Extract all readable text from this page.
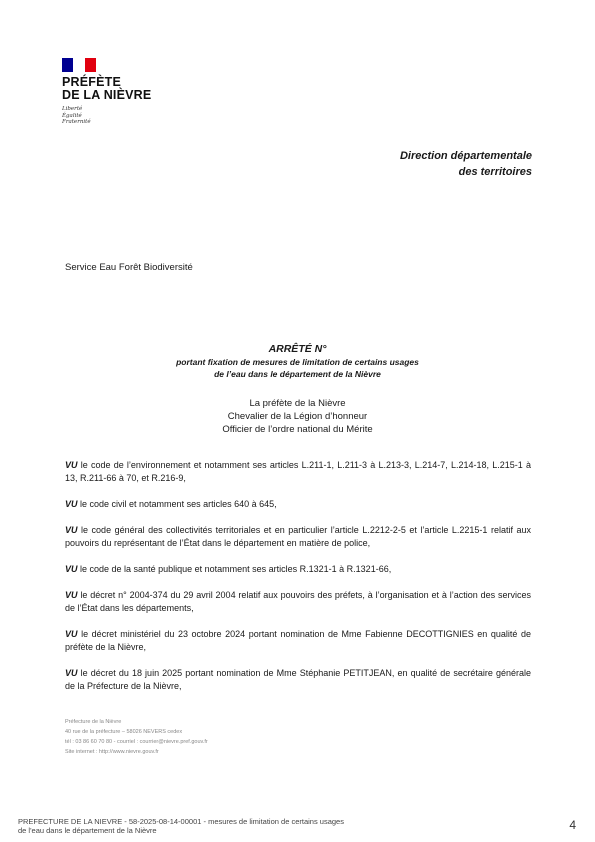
PRÉFÈTE
DE LA NIÈVRE
Liberté
Égalité
Fraternité
Direction départementale
des territoires
Service Eau Forêt Biodiversité
ARRÊTÉ N°
portant fixation de mesures de limitation de certains usages
de l’eau dans le département de la Nièvre
La préfète de la Nièvre
Chevalier de la Légion d’honneur
Officier de l’ordre national du Mérite

VU le code de l’environnement et notamment ses articles L.211-1, L.211-3 à L.213-3, L.214-7, L.214-18, L.215-1 à 13, R.211-66 à 70, et R.216-9,

VU le code civil et notamment ses articles 640 à 645,

VU le code général des collectivités territoriales et en particulier l’article L.2212-2-5 et l’article L.2215-1 relatif aux pouvoirs du représentant de l’État dans le département en matière de police,

VU le code de la santé publique et notamment ses articles R.1321-1 à R.1321-66,

VU le décret n° 2004-374 du 29 avril 2004 relatif aux pouvoirs des préfets, à l’organisation et à l’action des services de l’État dans les départements,

VU le décret ministériel du 23 octobre 2024 portant nomination de Mme Fabienne DECOTTIGNIES en qualité de préfète de la Nièvre,

VU le décret du 18 juin 2025 portant nomination de Mme Stéphanie PETITJEAN, en qualité de secrétaire générale de la Préfecture de la Nièvre,

Préfecture de la Nièvre
40 rue de la préfecture – 58026 NEVERS cedex
tél : 03 86 60 70 80 - courriel : courrier@nievre.pref.gouv.fr
Site internet : http://www.nievre.gouv.fr
PREFECTURE DE LA NIEVRE - 58-2025-08-14-00001 - mesures de limitation de certains usages
de l'eau dans le département de la Nièvre	4
